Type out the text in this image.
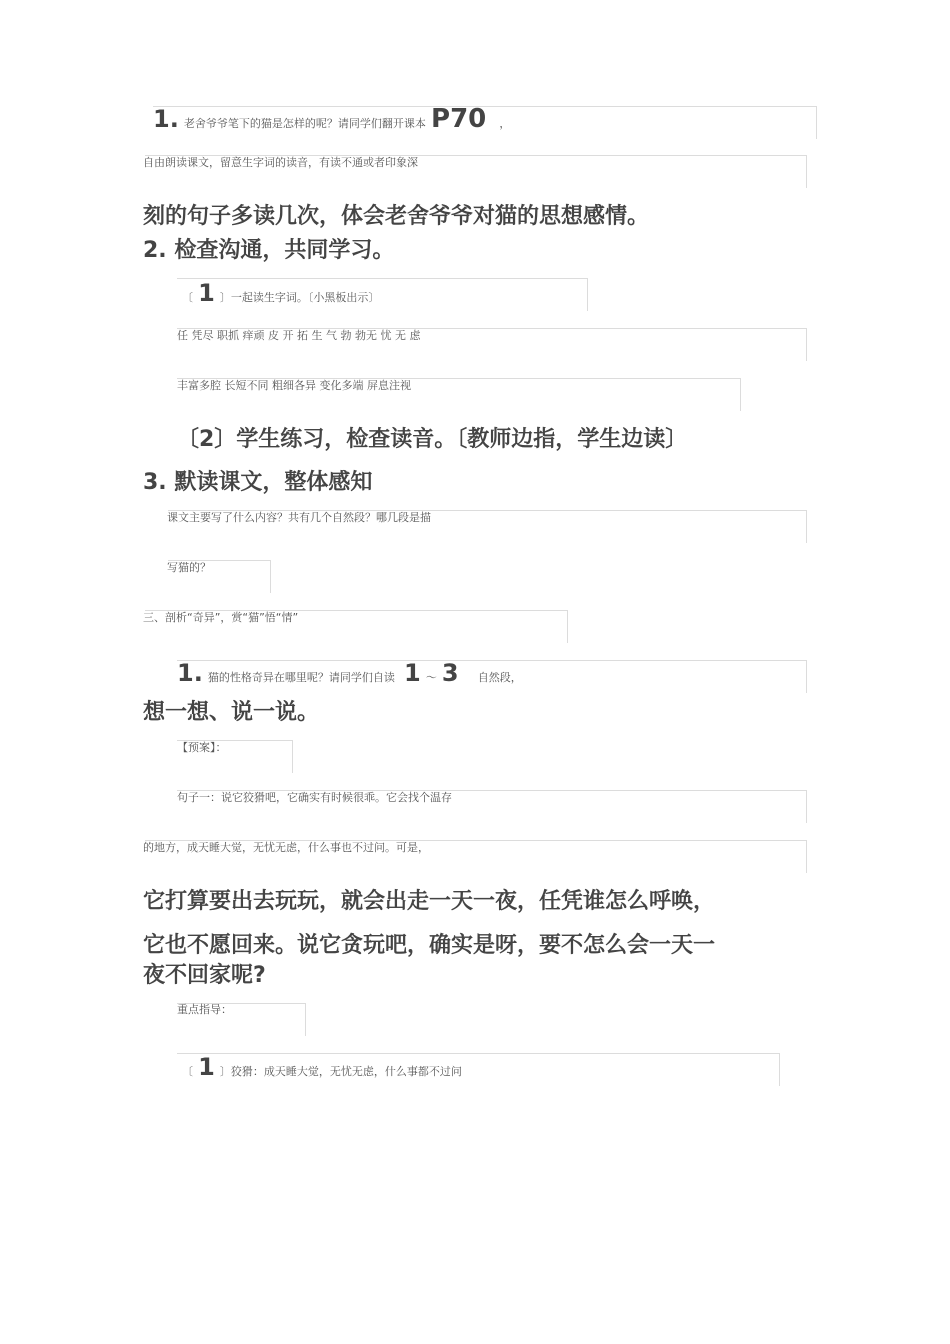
1. 老舍爷爷笔下的猫是怎样的呢？请同学们翻开课本 P70 ，
自由朗读课文，留意生字词的读音，有读不通或者印象深
刻的句子多读几次，体会老舍爷爷对猫的思想感情。
2. 检查沟通，共同学习。
〔 1 〕一起读生字词。〔小黑板出示〕
任 凭尽 职抓 痒顽 皮 开 拓 生 气 勃 勃无 忧 无 虑
丰富多腔 长短不同 粗细各异 变化多端 屏息注视
〔2〕学生练习，检查读音。〔教师边指，学生边读〕
3. 默读课文，整体感知
课文主要写了什么内容？共有几个自然段？哪几段是描
写猫的？
三、剖析“奇异”，赏“猫”悟“情”
1. 猫的性格奇异在哪里呢？请同学们自读 1 ～ 3 自然段，
想一想、说一说。
【预案】：
句子一：说它狡猾吧，它确实有时候很乖。它会找个温存
的地方，成天睡大觉，无忧无虑，什么事也不过问。可是，
它打算要出去玩玩，就会出走一天一夜，任凭谁怎么呼唤，
它也不愿回来。说它贪玩吧，确实是呀，要不怎么会一天一
夜不回家呢?
重点指导：
〔 1 〕狡猾：成天睡大觉，无忧无虑，什么事都不过问
